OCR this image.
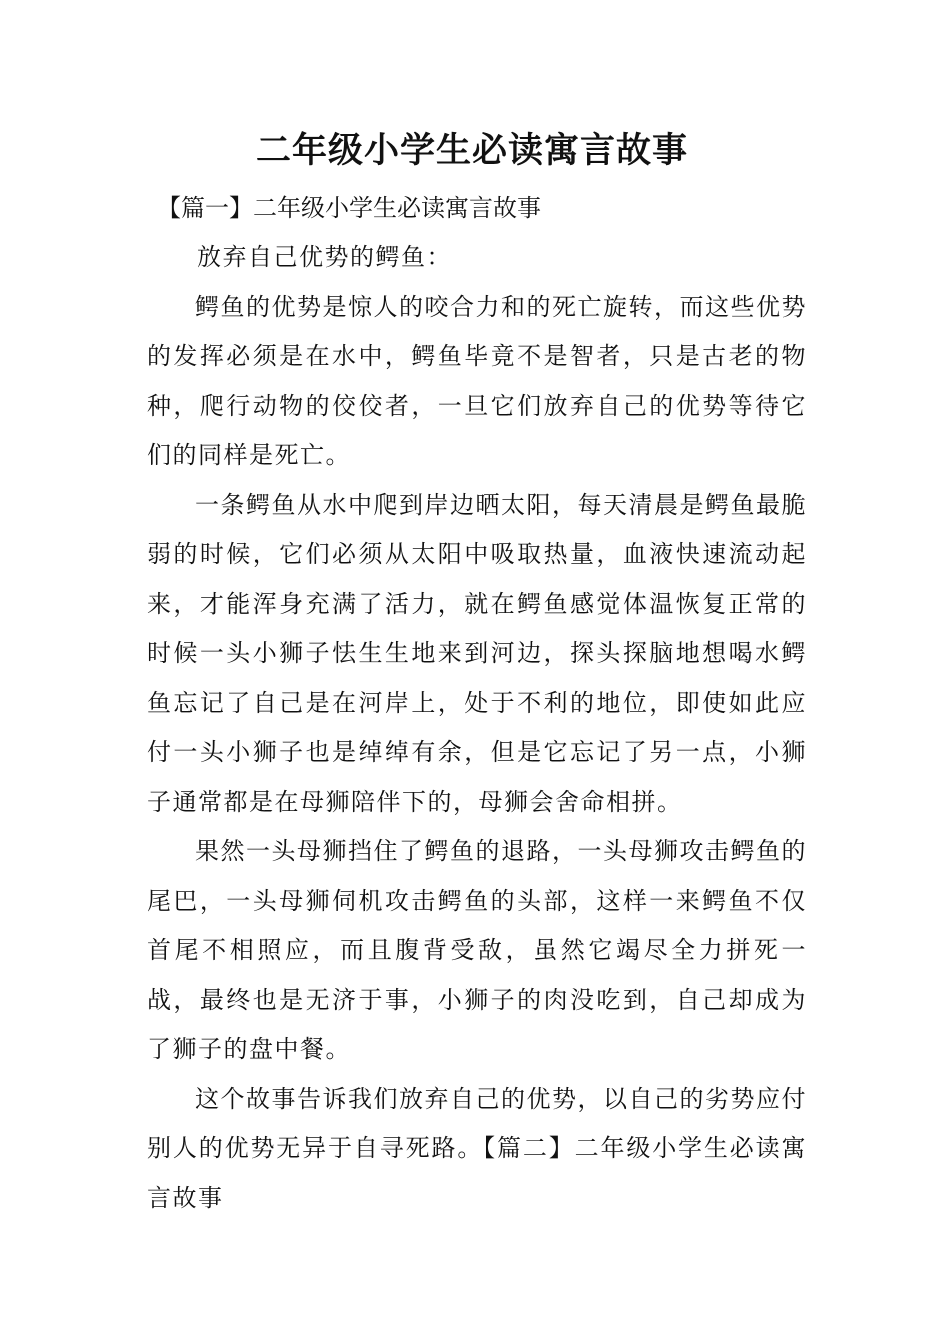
二年级小学生必读寓言故事

【篇一】二年级小学生必读寓言故事

放弃自己优势的鳄鱼：

鳄鱼的优势是惊人的咬合力和的死亡旋转，而这些优势的发挥必须是在水中，鳄鱼毕竟不是智者，只是古老的物种，爬行动物的佼佼者，一旦它们放弃自己的优势等待它们的同样是死亡。

一条鳄鱼从水中爬到岸边晒太阳，每天清晨是鳄鱼最脆弱的时候，它们必须从太阳中吸取热量，血液快速流动起来，才能浑身充满了活力，就在鳄鱼感觉体温恢复正常的时候一头小狮子怯生生地来到河边，探头探脑地想喝水鳄鱼忘记了自己是在河岸上，处于不利的地位，即使如此应付一头小狮子也是绰绰有余，但是它忘记了另一点，小狮子通常都是在母狮陪伴下的，母狮会舍命相拼。

果然一头母狮挡住了鳄鱼的退路，一头母狮攻击鳄鱼的尾巴，一头母狮伺机攻击鳄鱼的头部，这样一来鳄鱼不仅首尾不相照应，而且腹背受敌，虽然它竭尽全力拼死一战，最终也是无济于事，小狮子的肉没吃到，自己却成为了狮子的盘中餐。

这个故事告诉我们放弃自己的优势，以自己的劣势应付别人的优势无异于自寻死路。【篇二】二年级小学生必读寓言故事
